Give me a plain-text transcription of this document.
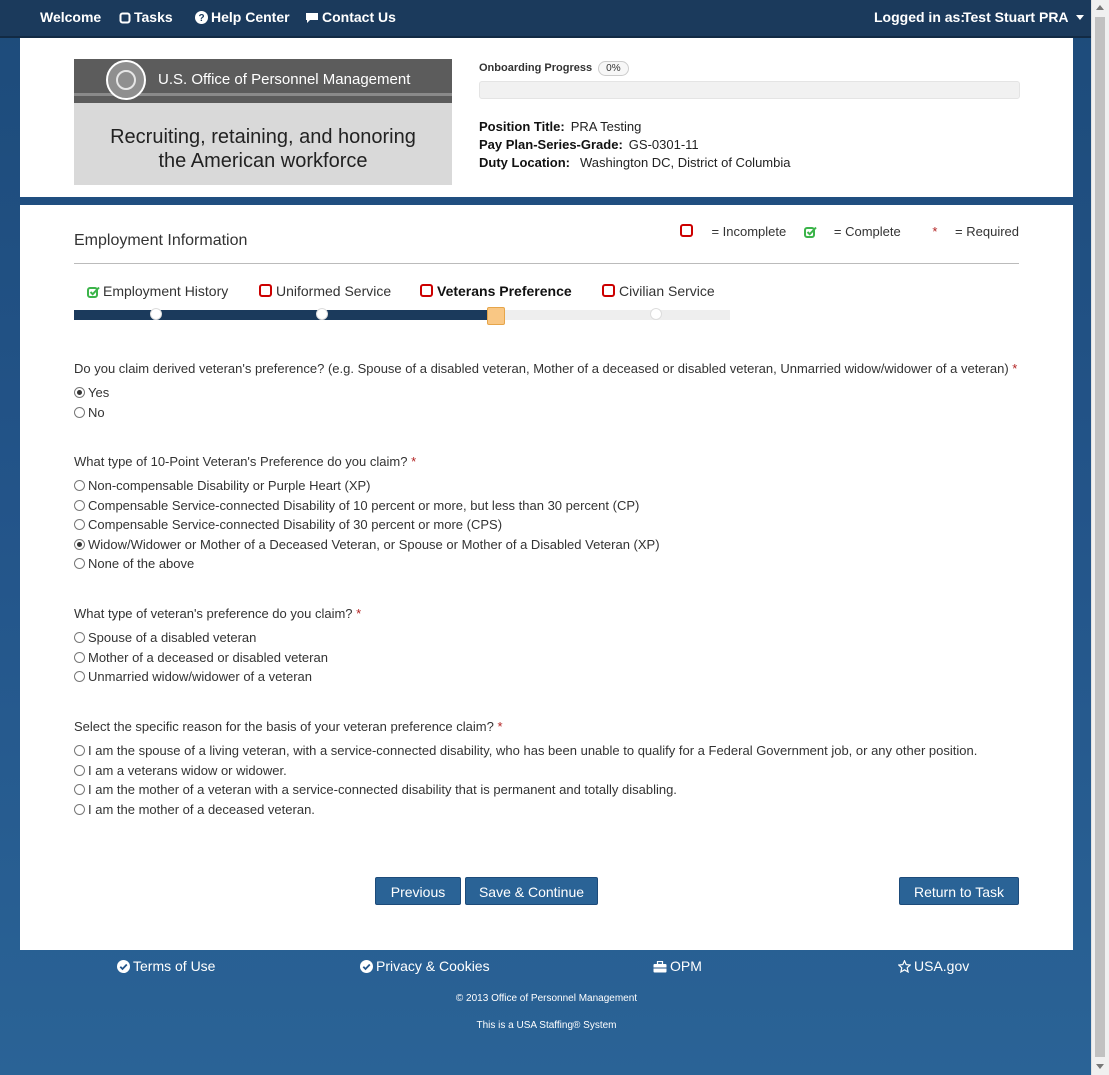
Welcome	Tasks	? Help Center	Contact Us	Logged in as:
Test Stuart PRA
U.S. Office of Personnel Management
Recruiting, retaining, and honoring
the American workforce
Onboarding Progress 0%
Position Title: PRA Testing
Pay Plan-Series-Grade: GS-0301-11
Duty Location: Washington DC, District of Columbia
Employment Information
= Incomplete	= Complete * = Required
Employment History	Uniformed Service	Veterans Preference	Civilian Service
Do you claim derived veteran's preference? (e.g. Spouse of a disabled veteran, Mother of a deceased or disabled veteran, Unmarried widow/widower of a veteran) *
Yes
No
What type of 10-Point Veteran's Preference do you claim? *
Non-compensable Disability or Purple Heart (XP)
Compensable Service-connected Disability of 10 percent or more, but less than 30 percent (CP)
Compensable Service-connected Disability of 30 percent or more (CPS)
Widow/Widower or Mother of a Deceased Veteran, or Spouse or Mother of a Disabled Veteran (XP)
None of the above
What type of veteran's preference do you claim? *
Spouse of a disabled veteran
Mother of a deceased or disabled veteran
Unmarried widow/widower of a veteran
Select the specific reason for the basis of your veteran preference claim? *
I am the spouse of a living veteran, with a service-connected disability, who has been unable to qualify for a Federal Government job, or any other position.
I am a veterans widow or widower.
I am the mother of a veteran with a service-connected disability that is permanent and totally disabling.
I am the mother of a deceased veteran.
Previous	Save & Continue	Return to Task
Terms of Use	Privacy & Cookies	OPM	USA.gov
© 2013 Office of Personnel Management
This is a USA Staffing® System
